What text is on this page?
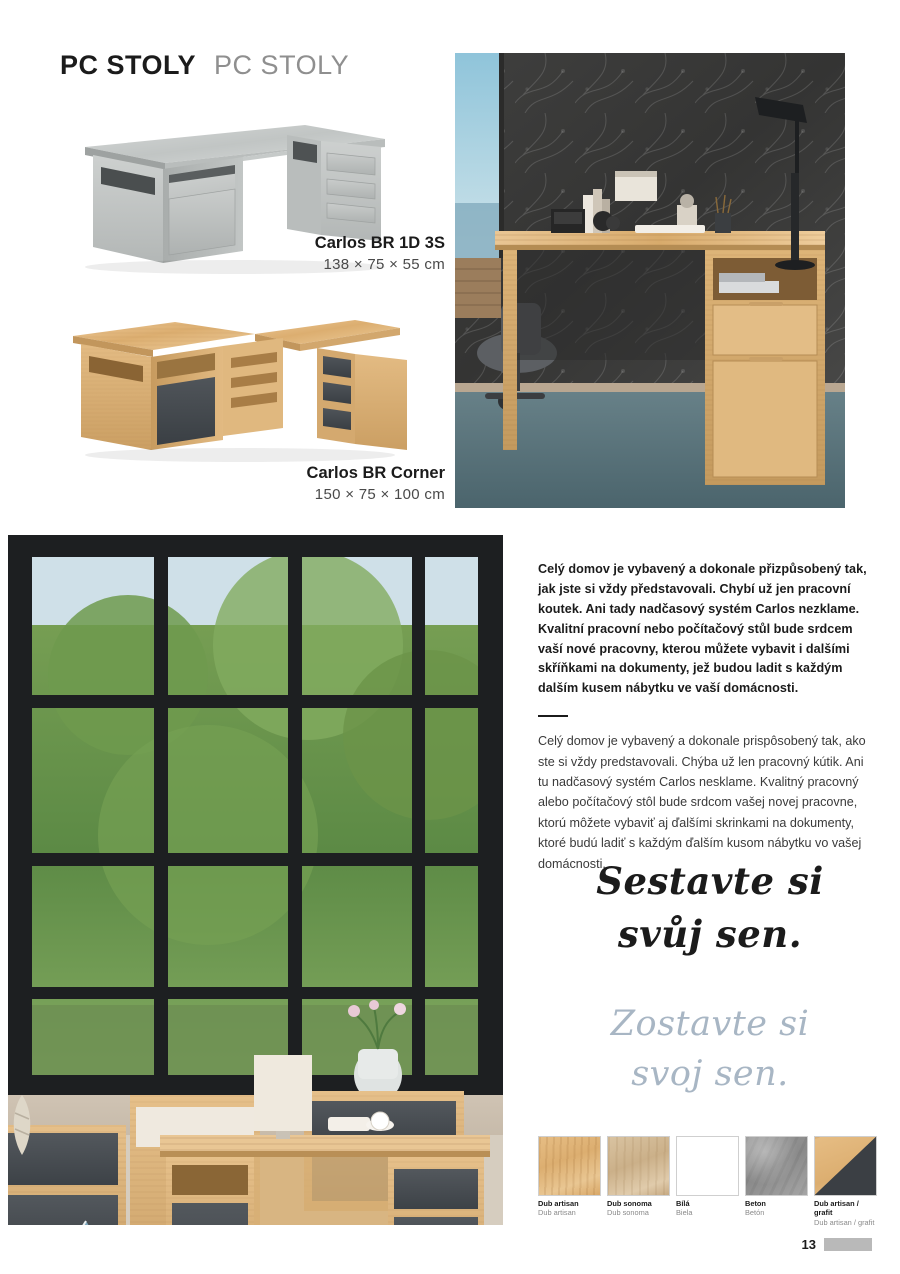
PC STOLY PC STOLY
Carlos BR 1D 3S
138 × 75 × 55 cm
Carlos BR Corner
150 × 75 × 100 cm

Celý domov je vybavený a dokonale přizpůsobený tak, jak jste si vždy představovali. Chybí už jen pracovní koutek. Ani tady nadčasový systém Carlos nezklame. Kvalitní pracovní nebo počítačový stůl bude srdcem vaší nové pracovny, kterou můžete vybavit i dalšími skříňkami na dokumenty, jež budou ladit s každým dalším kusem nábytku ve vaší domácnosti.

Celý domov je vybavený a dokonale prispôsobený tak, ako ste si vždy predstavovali. Chýba už len pracovný kútik. Ani tu nadčasový systém Carlos nesklame. Kvalitný pracovný alebo počítačový stôl bude srdcom vašej novej pracovne, ktorú môžete vybaviť aj ďalšími skrinkami na dokumenty, ktoré budú ladiť s každým ďalším kusom nábytku vo vašej domácnosti.

Sestavte si
svůj sen.
Zostavte si
svoj sen.
Dub artisan
Dub artisan
Dub sonoma
Dub sonoma
Bílá
Biela
Beton
Betón
Dub artisan / grafit
Dub artisan / grafit
13
